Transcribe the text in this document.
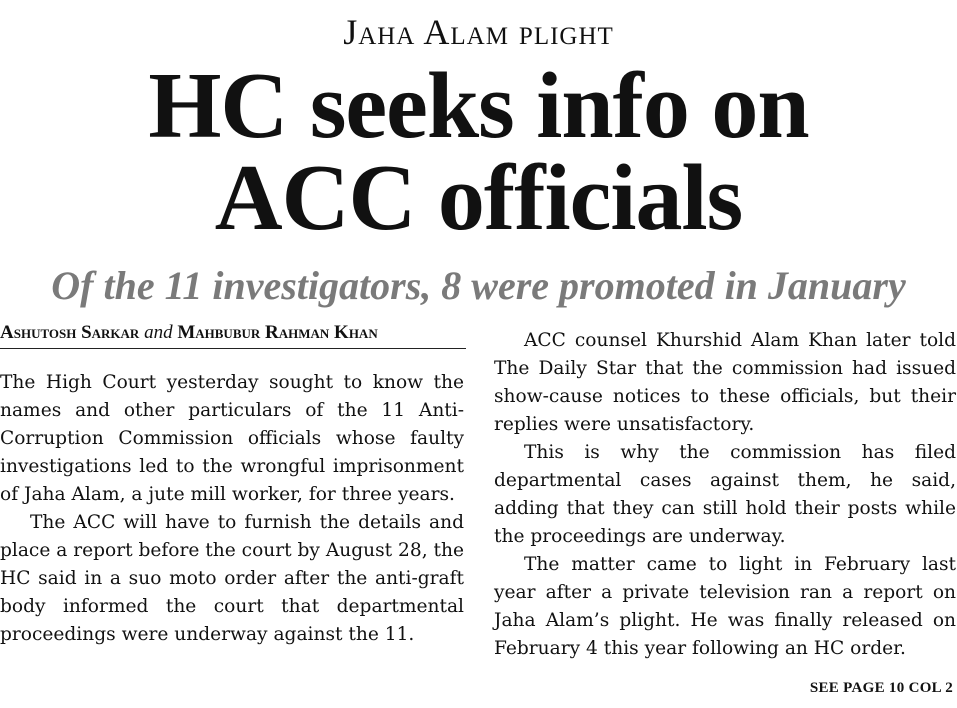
Jaha Alam plight
HC seeks info on
ACC officials
Of the 11 investigators, 8 were promoted in January
Ashutosh Sarkar and Mahbubur Rahman Khan

The High Court yesterday sought to know the names and other particulars of the 11 Anti-Corruption Commission officials whose faulty investigations led to the wrongful imprisonment of Jaha Alam, a jute mill worker, for three years.

The ACC will have to furnish the details and place a report before the court by August 28, the HC said in a suo moto order after the anti-graft body informed the court that departmental proceedings were underway against the 11.

ACC counsel Khurshid Alam Khan later told The Daily Star that the commission had issued show-cause notices to these officials, but their replies were unsatisfactory.

This is why the commission has filed departmental cases against them, he said, adding that they can still hold their posts while the proceedings are underway.

The matter came to light in February last year after a private television ran a report on Jaha Alam’s plight. He was finally released on February 4 this year following an HC order.

SEE PAGE 10 COL 2
